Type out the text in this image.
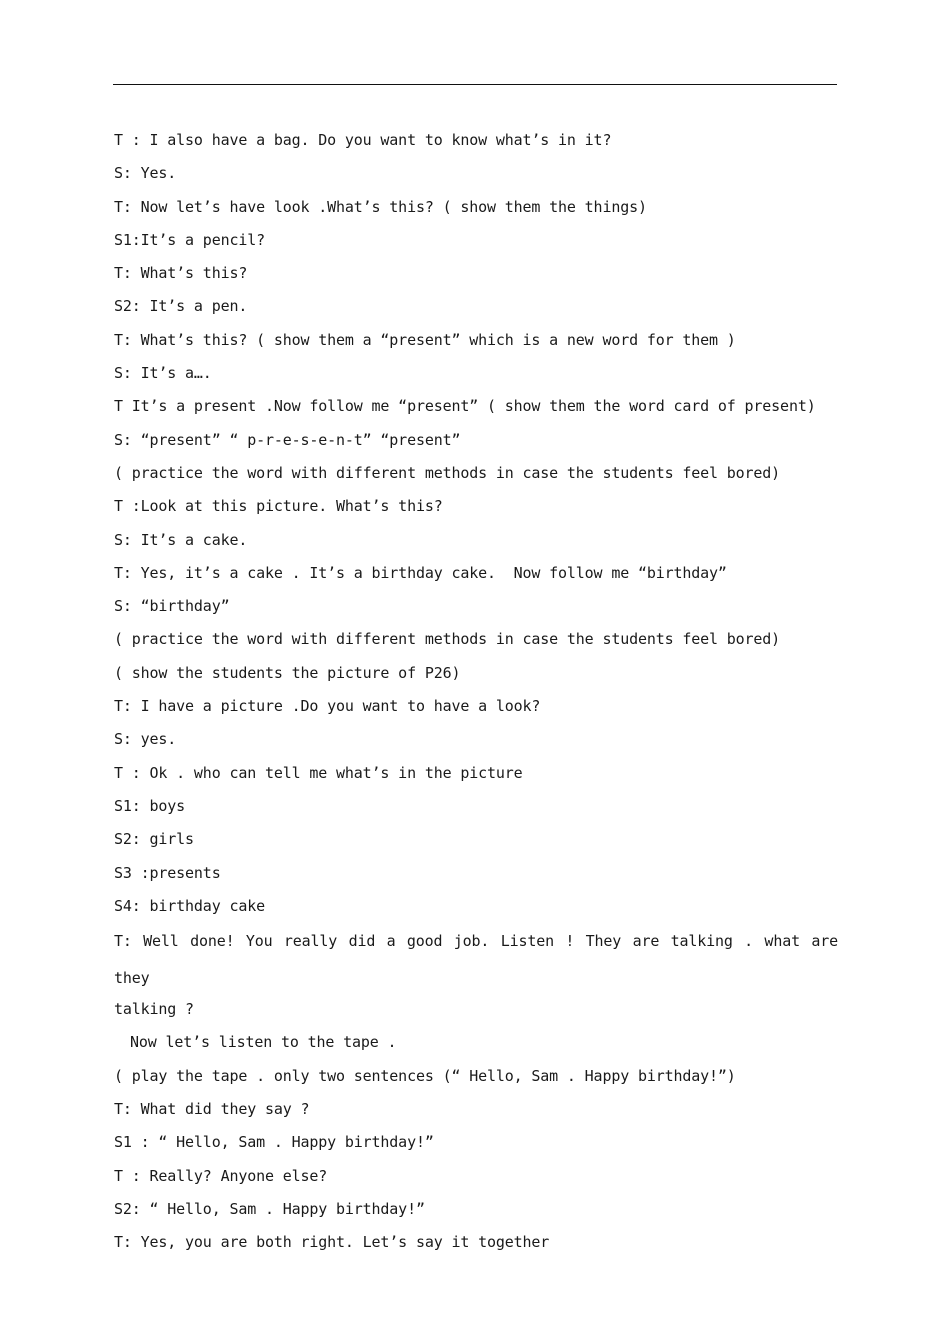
T : I also have a bag. Do you want to know what’s in it?
S: Yes.
T: Now let’s have look .What’s this? ( show them the things)
S1:It’s a pencil?
T: What’s this?
S2: It’s a pen.
T: What’s this? ( show them a “present” which is a new word for them )
S: It’s a….
T It’s a present .Now follow me “present” ( show them the word card of present)
S: “present” “ p-r-e-s-e-n-t” “present”
( practice the word with different methods in case the students feel bored)
T :Look at this picture. What’s this?
S: It’s a cake.
T: Yes, it’s a cake . It’s a birthday cake.  Now follow me “birthday”
S: “birthday”
( practice the word with different methods in case the students feel bored)
( show the students the picture of P26)
T: I have a picture .Do you want to have a look?
S: yes.
T : Ok . who can tell me what’s in the picture
S1: boys
S2: girls
S3 :presents
S4: birthday cake
T: Well done! You really did a good job. Listen ! They are talking . what are they
talking ?
Now let’s listen to the tape .
( play the tape . only two sentences (“ Hello, Sam . Happy birthday!”)
T: What did they say ?
S1 : “ Hello, Sam . Happy birthday!”
T : Really? Anyone else?
S2: “ Hello, Sam . Happy birthday!”
T: Yes, you are both right. Let’s say it together
